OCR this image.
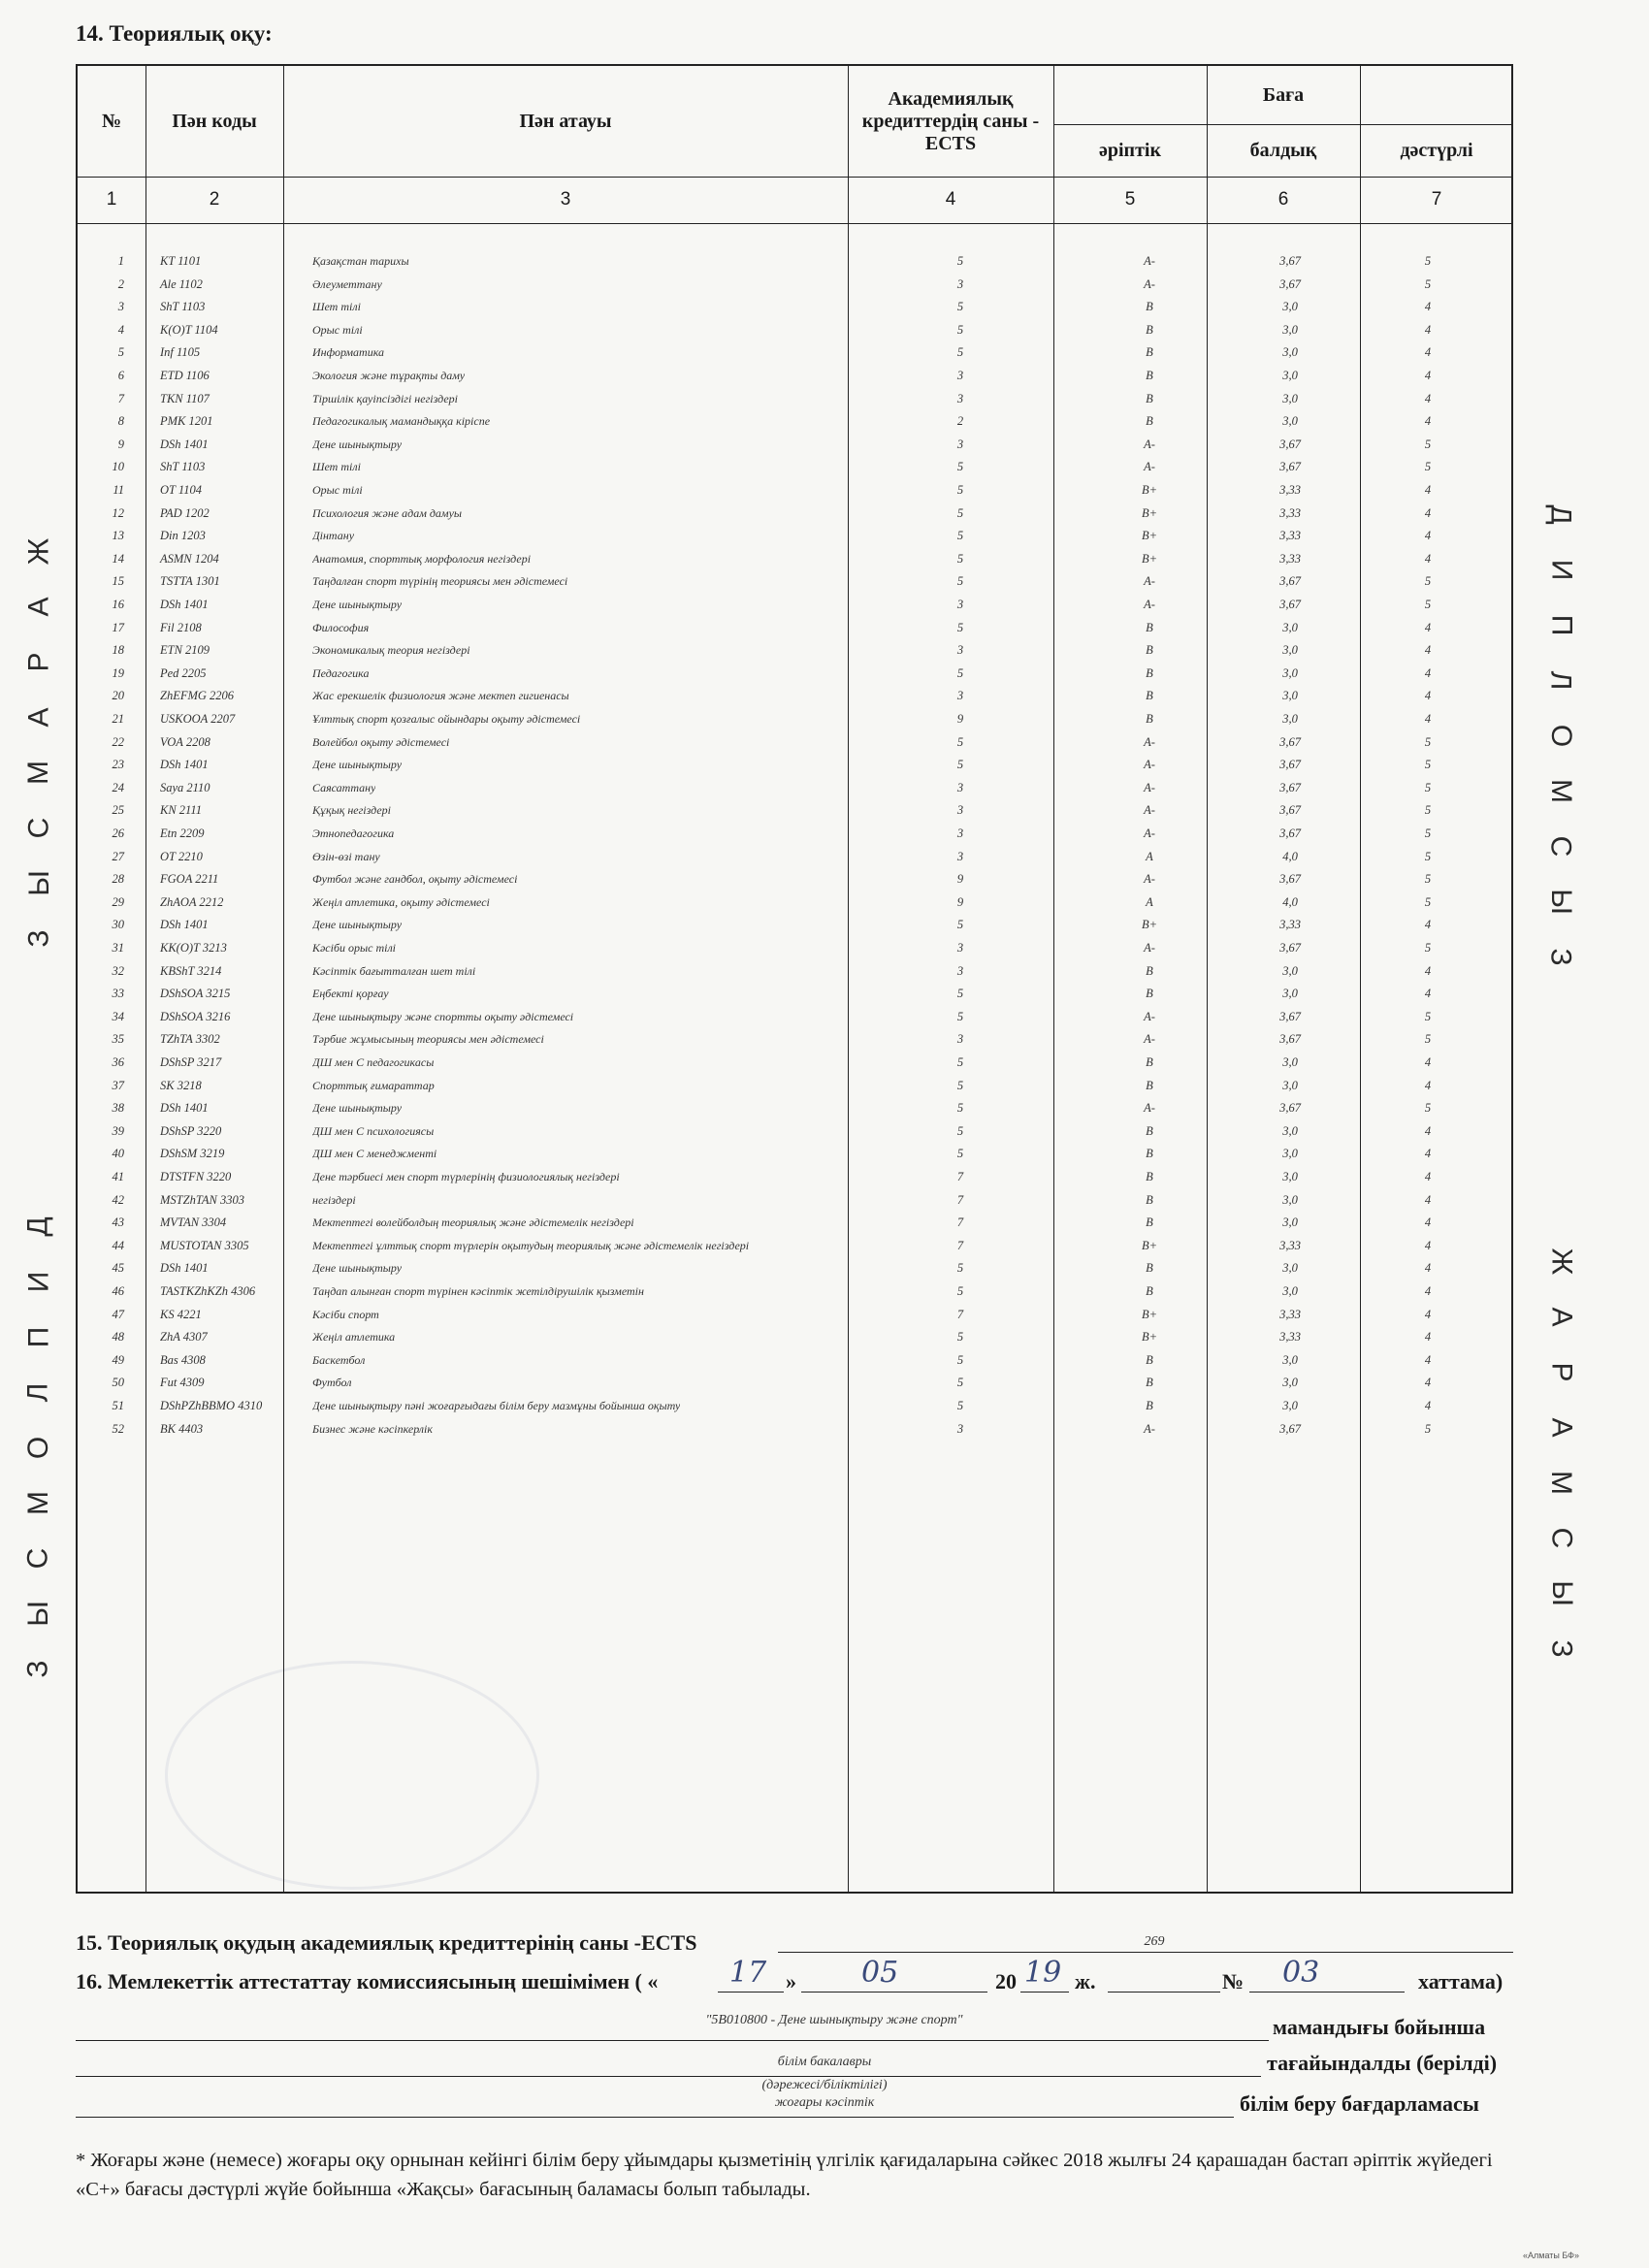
14. Теориялық оқу:
№	Пән коды	Пән атауы
Академиялық кредиттердің саны - ECTS
Баға
әріптік	балдық	дәстүрлі
1	2	3	4	5	6	7
1	KT 1101	Қазақстан тарихы	5	A-	3,67	5
2	Ale 1102	Әлеуметтану	3	A-	3,67	5
3	ShT 1103	Шет тілі	5	B	3,0	4
4	K(O)T 1104	Орыс тілі	5	B	3,0	4
5	Inf 1105	Информатика	5	B	3,0	4
6	ETD 1106	Экология және тұрақты даму	3	B	3,0	4
7	TKN 1107	Тіршілік қауіпсіздігі негіздері	3	B	3,0	4
8	PMK 1201	Педагогикалық мамандыққа кіріспе	2	B	3,0	4
9	DSh 1401	Дене шынықтыру	3	A-	3,67	5
10	ShT 1103	Шет тілі	5	A-	3,67	5
11	OT 1104	Орыс тілі	5	B+	3,33	4
12	PAD 1202	Психология және адам дамуы	5	B+	3,33	4
13	Din 1203	Дінтану	5	B+	3,33	4
14	ASMN 1204	Анатомия, спорттық морфология негіздері	5	B+	3,33	4
15	TSTTA 1301	Таңдалған спорт түрінің теориясы мен әдістемесі	5	A-	3,67	5
16	DSh 1401	Дене шынықтыру	3	A-	3,67	5
17	Fil 2108	Философия	5	B	3,0	4
18	ETN 2109	Экономикалық теория негіздері	3	B	3,0	4
19	Ped 2205	Педагогика	5	B	3,0	4
20	ZhEFMG 2206	Жас ерекшелік физиология және мектеп гигиенасы	3	B	3,0	4
21	USKOOA 2207	Ұлттық спорт қозғалыс ойындары оқыту әдістемесі	9	B	3,0	4
22	VOA 2208	Волейбол оқыту әдістемесі	5	A-	3,67	5
23	DSh 1401	Дене шынықтыру	5	A-	3,67	5
24	Saya 2110	Саясаттану	3	A-	3,67	5
25	KN 2111	Құқық негіздері	3	A-	3,67	5
26	Etn 2209	Этнопедагогика	3	A-	3,67	5
27	OT 2210	Өзін-өзі тану	3	A	4,0	5
28	FGOA 2211	Футбол және гандбол, оқыту әдістемесі	9	A-	3,67	5
29	ZhAOA 2212	Жеңіл атлетика, оқыту әдістемесі	9	A	4,0	5
30	DSh 1401	Дене шынықтыру	5	B+	3,33	4
31	KK(O)T 3213	Кәсіби орыс тілі	3	A-	3,67	5
32	KBShT 3214	Кәсіптік бағытталған шет тілі	3	B	3,0	4
33	DShSOA 3215	Еңбекті қорғау	5	B	3,0	4
34	DShSOA 3216	Дене шынықтыру және спортты оқыту әдістемесі	5	A-	3,67	5
35	TZhTA 3302	Тәрбие жұмысының теориясы мен әдістемесі	3	A-	3,67	5
36	DShSP 3217	ДШ мен С педагогикасы	5	B	3,0	4
37	SK 3218	Спорттық ғимараттар	5	B	3,0	4
38	DSh 1401	Дене шынықтыру	5	A-	3,67	5
39	DShSP 3220	ДШ мен С психологиясы	5	B	3,0	4
40	DShSM 3219	ДШ мен С менеджменті	5	B	3,0	4
41	DTSTFN 3220	Дене тәрбиесі мен спорт түрлерінің физиологиялық негіздері	7	B	3,0	4
42	MSTZhTAN 3303	негіздері	7	B	3,0	4
43	MVTAN 3304	Мектептегі волейболдың теориялық және әдістемелік негіздері	7	B	3,0	4
44	MUSTOTAN 3305	Мектептегі ұлттық спорт түрлерін оқытудың теориялық және әдістемелік негіздері	7	B+	3,33	4
45	DSh 1401	Дене шынықтыру	5	B	3,0	4
46	TASTKZhKZh 4306	Таңдап алынған спорт түрінен кәсіптік жетілдірушілік қызметін	5	B	3,0	4
47	KS 4221	Кәсіби спорт	7	B+	3,33	4
48	ZhA 4307	Жеңіл атлетика	5	B+	3,33	4
49	Bas 4308	Баскетбол	5	B	3,0	4
50	Fut 4309	Футбол	5	B	3,0	4
51	DShPZhBBMO 4310	Дене шынықтыру пәні жоғарғыдағы білім беру мазмұны бойынша оқыту	5	B	3,0	4
52	BK 4403	Бизнес және кәсіпкерлік	3	A-	3,67	5
Ж
А
Р
А
М
С
Ы
З
Д
И
П
Л
О
М
С
Ы
З
Д
И
П
Л
О
М
С
Ы
З
Ж
А
Р
А
М
С
Ы
З
15. Теориялық оқудың академиялық кредиттерінің саны -ECTS	269
16. Мемлекеттік аттестаттау комиссиясының шешімімен ( « 17 » 05	20 19 ж.	№ 03	хаттама)
"5B010800 - Дене шынықтыру және спорт"	мамандығы бойынша
білім бакалавры	тағайындалды (берілді)
(дәрежесі/біліктілігі)
жоғары кәсіптік	білім беру бағдарламасы
* Жоғары және (немесе) жоғары оқу орнынан кейінгі білім беру ұйымдары қызметінің үлгілік қағидаларына сәйкес 2018 жылғы 24 қарашадан бастап әріптік жүйедегі «С+» бағасы дәстүрлі жүйе бойынша «Жақсы» бағасының баламасы болып табылады.
«Алматы БФ»
